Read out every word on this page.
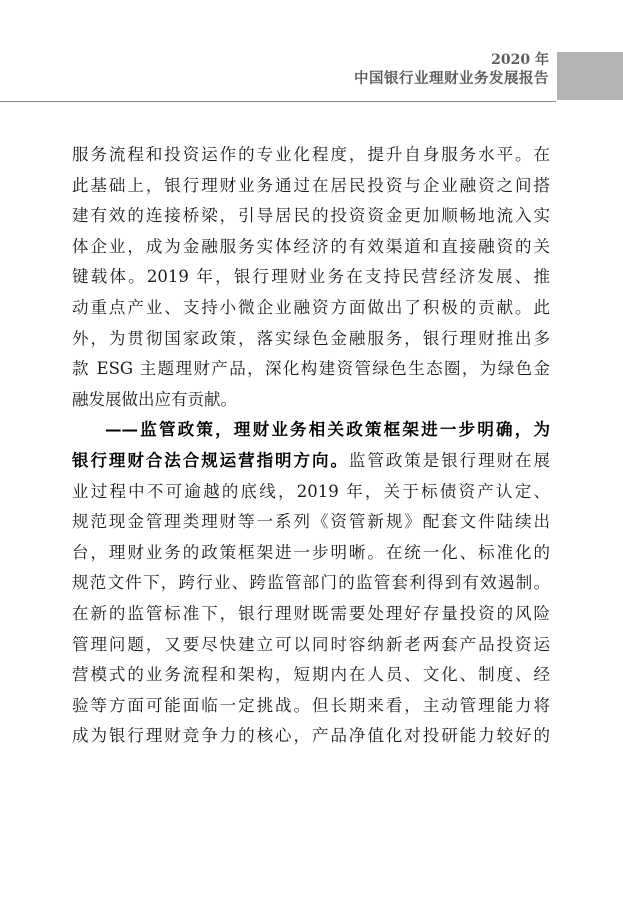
2020 年
中国银行业理财业务发展报告
服务流程和投资运作的专业化程度，提升自身服务水平。在
此基础上，银行理财业务通过在居民投资与企业融资之间搭
建有效的连接桥梁，引导居民的投资资金更加顺畅地流入实
体企业，成为金融服务实体经济的有效渠道和直接融资的关
键载体。2019 年，银行理财业务在支持民营经济发展、推
动重点产业、支持小微企业融资方面做出了积极的贡献。此
外，为贯彻国家政策，落实绿色金融服务，银行理财推出多
款 ESG 主题理财产品，深化构建资管绿色生态圈，为绿色金
融发展做出应有贡献。
——监管政策，理财业务相关政策框架进一步明确，为
银行理财合法合规运营指明方向。监管政策是银行理财在展
业过程中不可逾越的底线，2019 年，关于标债资产认定、
规范现金管理类理财等一系列《资管新规》配套文件陆续出
台，理财业务的政策框架进一步明晰。在统一化、标准化的
规范文件下，跨行业、跨监管部门的监管套利得到有效遏制。
在新的监管标准下，银行理财既需要处理好存量投资的风险
管理问题，又要尽快建立可以同时容纳新老两套产品投资运
营模式的业务流程和架构，短期内在人员、文化、制度、经
验等方面可能面临一定挑战。但长期来看，主动管理能力将
成为银行理财竞争力的核心，产品净值化对投研能力较好的
